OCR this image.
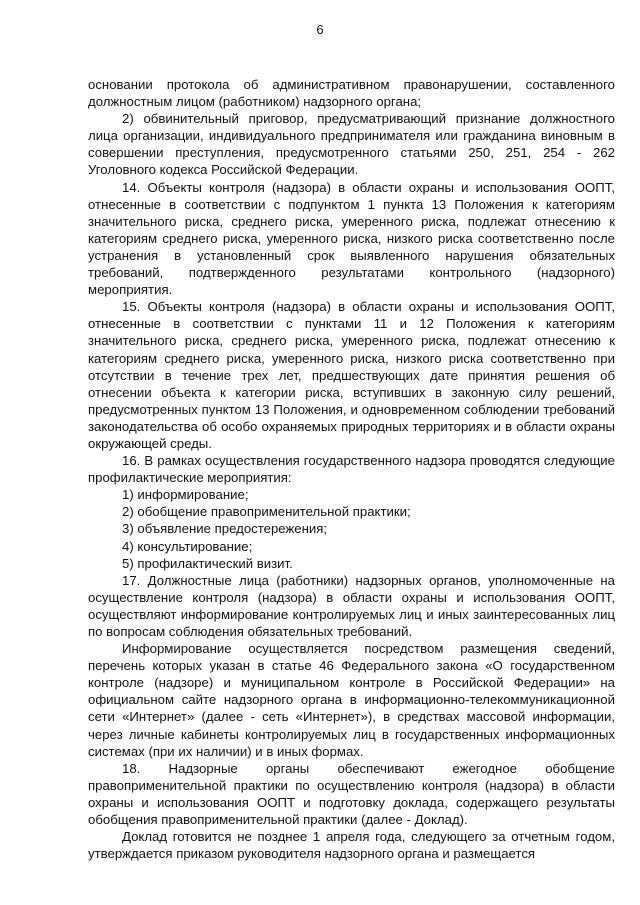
6

основании протокола об административном правонарушении, составленного должностным лицом (работником) надзорного органа;

2) обвинительный приговор, предусматривающий признание должностного лица организации, индивидуального предпринимателя или гражданина виновным в совершении преступления, предусмотренного статьями 250, 251, 254 - 262 Уголовного кодекса Российской Федерации.

14. Объекты контроля (надзора) в области охраны и использования ООПТ, отнесенные в соответствии с подпунктом 1 пункта 13 Положения к категориям значительного риска, среднего риска, умеренного риска, подлежат отнесению к категориям среднего риска, умеренного риска, низкого риска соответственно после устранения в установленный срок выявленного нарушения обязательных требований, подтвержденного результатами контрольного (надзорного) мероприятия.

15. Объекты контроля (надзора) в области охраны и использования ООПТ, отнесенные в соответствии с пунктами 11 и 12 Положения к категориям значительного риска, среднего риска, умеренного риска, подлежат отнесению к категориям среднего риска, умеренного риска, низкого риска соответственно при отсутствии в течение трех лет, предшествующих дате принятия решения об отнесении объекта к категории риска, вступивших в законную силу решений, предусмотренных пунктом 13 Положения, и одновременном соблюдении требований законодательства об особо охраняемых природных территориях и в области охраны окружающей среды.

16. В рамках осуществления государственного надзора проводятся следующие профилактические мероприятия:

1) информирование;

2) обобщение правоприменительной практики;

3) объявление предостережения;

4) консультирование;

5) профилактический визит.

17. Должностные лица (работники) надзорных органов, уполномоченные на осуществление контроля (надзора) в области охраны и использования ООПТ, осуществляют информирование контролируемых лиц и иных заинтересованных лиц по вопросам соблюдения обязательных требований.

Информирование осуществляется посредством размещения сведений, перечень которых указан в статье 46 Федерального закона «О государственном контроле (надзоре) и муниципальном контроле в Российской Федерации» на официальном сайте надзорного органа в информационно-телекоммуникационной сети «Интернет» (далее - сеть «Интернет»), в средствах массовой информации, через личные кабинеты контролируемых лиц в государственных информационных системах (при их наличии) и в иных формах.

18. Надзорные органы обеспечивают ежегодное обобщение правоприменительной практики по осуществлению контроля (надзора) в области охраны и использования ООПТ и подготовку доклада, содержащего результаты обобщения правоприменительной практики (далее - Доклад).

Доклад готовится не позднее 1 апреля года, следующего за отчетным годом, утверждается приказом руководителя надзорного органа и размещается
